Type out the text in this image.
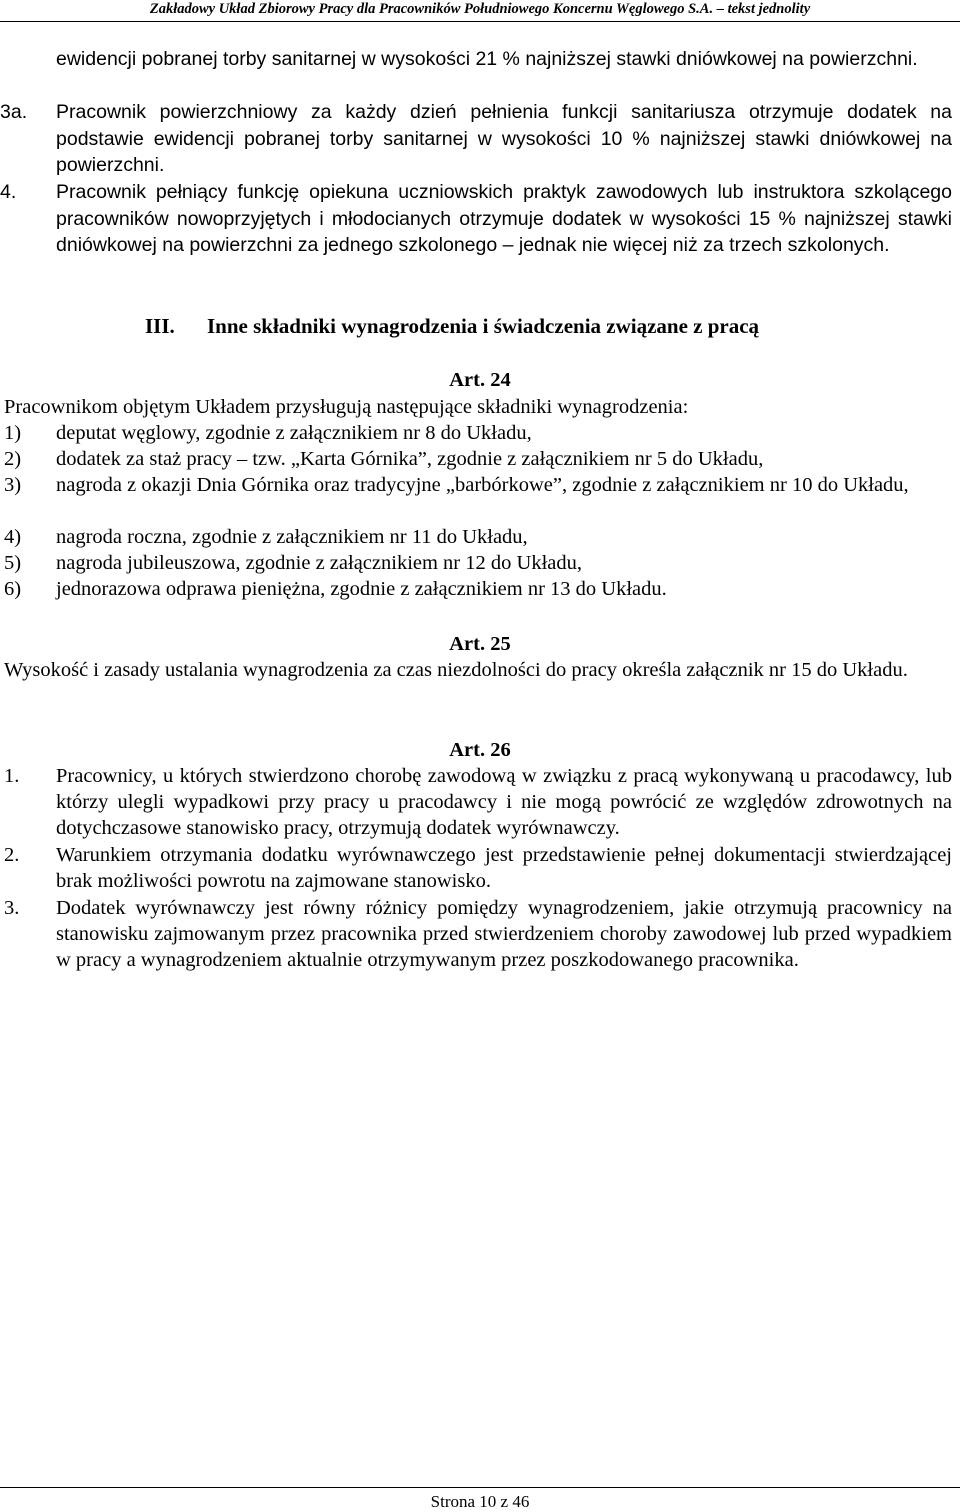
Zakładowy Układ Zbiorowy Pracy dla Pracowników Południowego Koncernu Węglowego S.A. – tekst jednolity

ewidencji pobranej torby sanitarnej w wysokości 21 % najniższej stawki dniówkowej na powierzchni.

3a. Pracownik powierzchniowy za każdy dzień pełnienia funkcji sanitariusza otrzymuje dodatek na podstawie ewidencji pobranej torby sanitarnej w wysokości 10 % najniższej stawki dniówkowej na powierzchni.
4. Pracownik pełniący funkcję opiekuna uczniowskich praktyk zawodowych lub instruktora szkolącego pracowników nowoprzyjętych i młodocianych otrzymuje dodatek w wysokości 15 % najniższej stawki dniówkowej na powierzchni za jednego szkolonego – jednak nie więcej niż za trzech szkolonych.
III. Inne składniki wynagrodzenia i świadczenia związane z pracą
Art. 24

Pracownikom objętym Układem przysługują następujące składniki wynagrodzenia:

1) deputat węglowy, zgodnie z załącznikiem nr 8 do Układu,
2) dodatek za staż pracy – tzw. „Karta Górnika”, zgodnie z załącznikiem nr 5 do Układu,
3) nagroda z okazji Dnia Górnika oraz tradycyjne „barbórkowe”, zgodnie z załącznikiem nr 10 do Układu,
4) nagroda roczna, zgodnie z załącznikiem nr 11 do Układu,
5) nagroda jubileuszowa, zgodnie z załącznikiem nr 12 do Układu,
6) jednorazowa odprawa pieniężna, zgodnie z załącznikiem nr 13 do Układu.
Art. 25

Wysokość i zasady ustalania wynagrodzenia za czas niezdolności do pracy określa załącznik nr 15 do Układu.

Art. 26
1. Pracownicy, u których stwierdzono chorobę zawodową w związku z pracą wykonywaną u pracodawcy, lub którzy ulegli wypadkowi przy pracy u pracodawcy i nie mogą powrócić ze względów zdrowotnych na dotychczasowe stanowisko pracy, otrzymują dodatek wyrównawczy.
2. Warunkiem otrzymania dodatku wyrównawczego jest przedstawienie pełnej dokumentacji stwierdzającej brak możliwości powrotu na zajmowane stanowisko.
3. Dodatek wyrównawczy jest równy różnicy pomiędzy wynagrodzeniem, jakie otrzymują pracownicy na stanowisku zajmowanym przez pracownika przed stwierdzeniem choroby zawodowej lub przed wypadkiem w pracy a wynagrodzeniem aktualnie otrzymywanym przez poszkodowanego pracownika.
Strona 10 z 46
